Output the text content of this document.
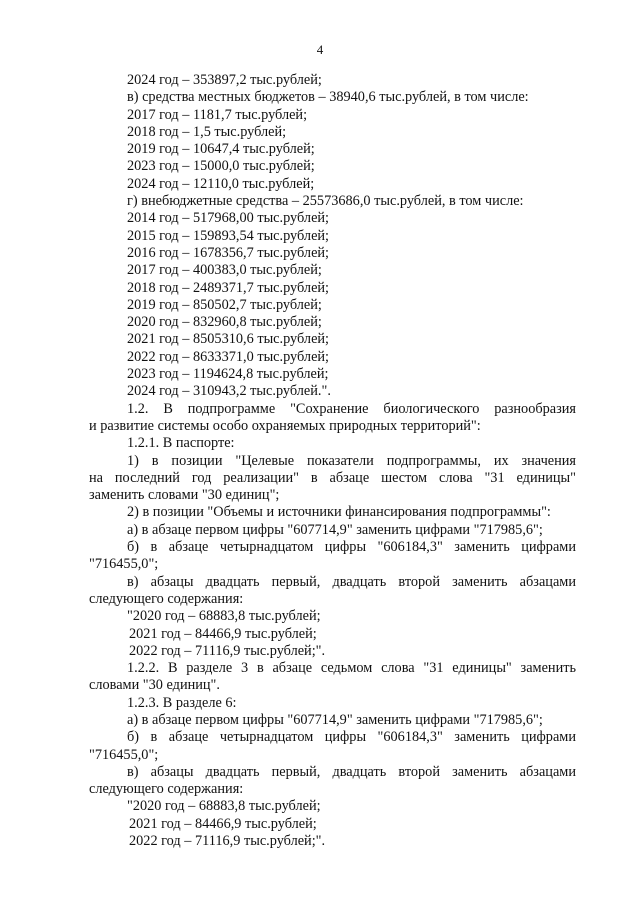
4
2024 год – 353897,2 тыс.рублей;
в) средства местных бюджетов – 38940,6 тыс.рублей, в том числе:
2017 год – 1181,7 тыс.рублей;
2018 год – 1,5 тыс.рублей;
2019 год – 10647,4 тыс.рублей;
2023 год – 15000,0 тыс.рублей;
2024 год – 12110,0 тыс.рублей;
г) внебюджетные средства – 25573686,0 тыс.рублей, в том числе:
2014 год – 517968,00 тыс.рублей;
2015 год – 159893,54 тыс.рублей;
2016 год – 1678356,7 тыс.рублей;
2017 год – 400383,0 тыс.рублей;
2018 год – 2489371,7 тыс.рублей;
2019 год – 850502,7 тыс.рублей;
2020 год – 832960,8 тыс.рублей;
2021 год – 8505310,6 тыс.рублей;
2022 год – 8633371,0 тыс.рублей;
2023 год – 1194624,8 тыс.рублей;
2024 год – 310943,2 тыс.рублей.".
1.2. В подпрограмме "Сохранение биологического разнообразия
и развитие системы особо охраняемых природных территорий":
1.2.1. В паспорте:
1) в позиции "Целевые показатели подпрограммы, их значения
на последний год реализации" в абзаце шестом слова "31 единицы"
заменить словами "30 единиц";
2) в позиции "Объемы и источники финансирования подпрограммы":
а) в абзаце первом цифры "607714,9" заменить цифрами "717985,6";
б) в абзаце четырнадцатом цифры "606184,3" заменить цифрами
"716455,0";
в) абзацы двадцать первый, двадцать второй заменить абзацами
следующего содержания:
"2020 год – 68883,8 тыс.рублей;
2021 год – 84466,9 тыс.рублей;
2022 год – 71116,9 тыс.рублей;".
1.2.2. В разделе 3 в абзаце седьмом слова "31 единицы" заменить
словами "30 единиц".
1.2.3. В разделе 6:
а) в абзаце первом цифры "607714,9" заменить цифрами "717985,6";
б) в абзаце четырнадцатом цифры "606184,3" заменить цифрами
"716455,0";
в) абзацы двадцать первый, двадцать второй заменить абзацами
следующего содержания:
"2020 год – 68883,8 тыс.рублей;
2021 год – 84466,9 тыс.рублей;
2022 год – 71116,9 тыс.рублей;".
